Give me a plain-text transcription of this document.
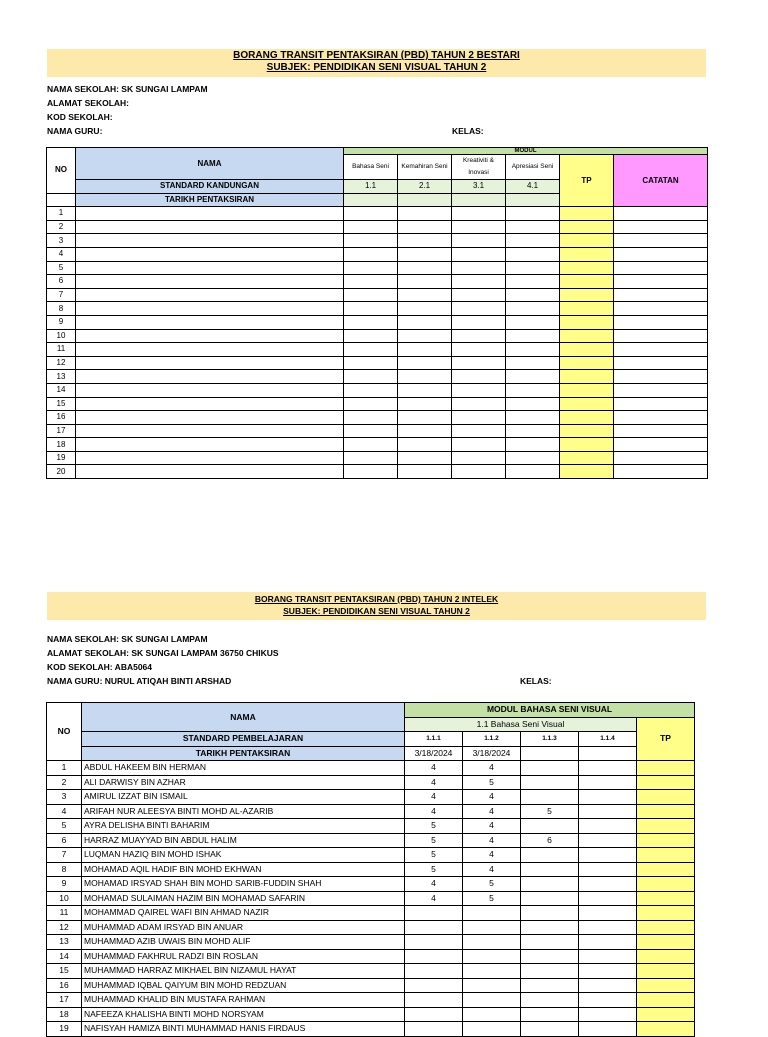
BORANG TRANSIT PENTAKSIRAN (PBD) TAHUN 2 BESTARI
SUBJEK: PENDIDIKAN SENI VISUAL TAHUN 2
NAMA SEKOLAH: SK SUNGAI LAMPAM
ALAMAT SEKOLAH:
KOD SEKOLAH:
NAMA GURU:	KELAS:
NO	NAMA	MODUL					
		Bahasa Seni	Kemahiran Seni	Kreativiti & Inovasi	Apresiasi Seni	TP	CATATAN
	STANDARD KANDUNGAN	1.1	2.1	3.1	4.1		
	TARIKH PENTAKSIRAN						
1							
2							
3							
4							
5							
6							
7							
8							
9							
10							
11							
12							
13							
14							
15							
16							
17							
18							
19							
20							
BORANG TRANSIT PENTAKSIRAN (PBD) TAHUN 2 INTELEK
SUBJEK: PENDIDIKAN SENI VISUAL TAHUN 2
NAMA SEKOLAH: SK SUNGAI LAMPAM
ALAMAT SEKOLAH: SK SUNGAI LAMPAM 36750 CHIKUS
KOD SEKOLAH: ABA5064
NAMA GURU: NURUL ATIQAH BINTI ARSHAD	KELAS:
NO	NAMA	MODUL BAHASA SENI VISUAL				
		1.1 Bahasa Seni Visual				TP
	STANDARD PEMBELAJARAN	1.1.1	1.1.2	1.1.3	1.1.4	
	TARIKH PENTAKSIRAN	3/18/2024	3/18/2024			
1	ABDUL HAKEEM BIN HERMAN	4	4			
2	ALI DARWISY BIN AZHAR	4	5			
3	AMIRUL IZZAT BIN ISMAIL	4	4			
4	ARIFAH NUR ALEESYA BINTI MOHD AL-AZARIB	4	4	5		
5	AYRA DELISHA BINTI BAHARIM	5	4			
6	HARRAZ MUAYYAD BIN ABDUL HALIM	5	4	6		
7	LUQMAN HAZIQ BIN MOHD ISHAK	5	4			
8	MOHAMAD AQIL HADIF BIN MOHD EKHWAN	5	4			
9	MOHAMAD IRSYAD SHAH BIN MOHD SARIB-FUDDIN SHAH	4	5			
10	MOHAMAD SULAIMAN HAZIM BIN MOHAMAD SAFARIN	4	5			
11	MOHAMMAD QAIREL WAFI BIN AHMAD NAZIR					
12	MUHAMMAD ADAM IRSYAD BIN ANUAR					
13	MUHAMMAD AZIB UWAIS BIN MOHD ALIF					
14	MUHAMMAD FAKHRUL RADZI BIN ROSLAN					
15	MUHAMMAD HARRAZ MIKHAEL BIN NIZAMUL HAYAT					
16	MUHAMMAD IQBAL QAIYUM BIN MOHD REDZUAN					
17	MUHAMMAD KHALID BIN MUSTAFA RAHMAN					
18	NAFEEZA KHALISHA BINTI MOHD NORSYAM					
19	NAFISYAH HAMIZA BINTI MUHAMMAD HANIS FIRDAUS					
